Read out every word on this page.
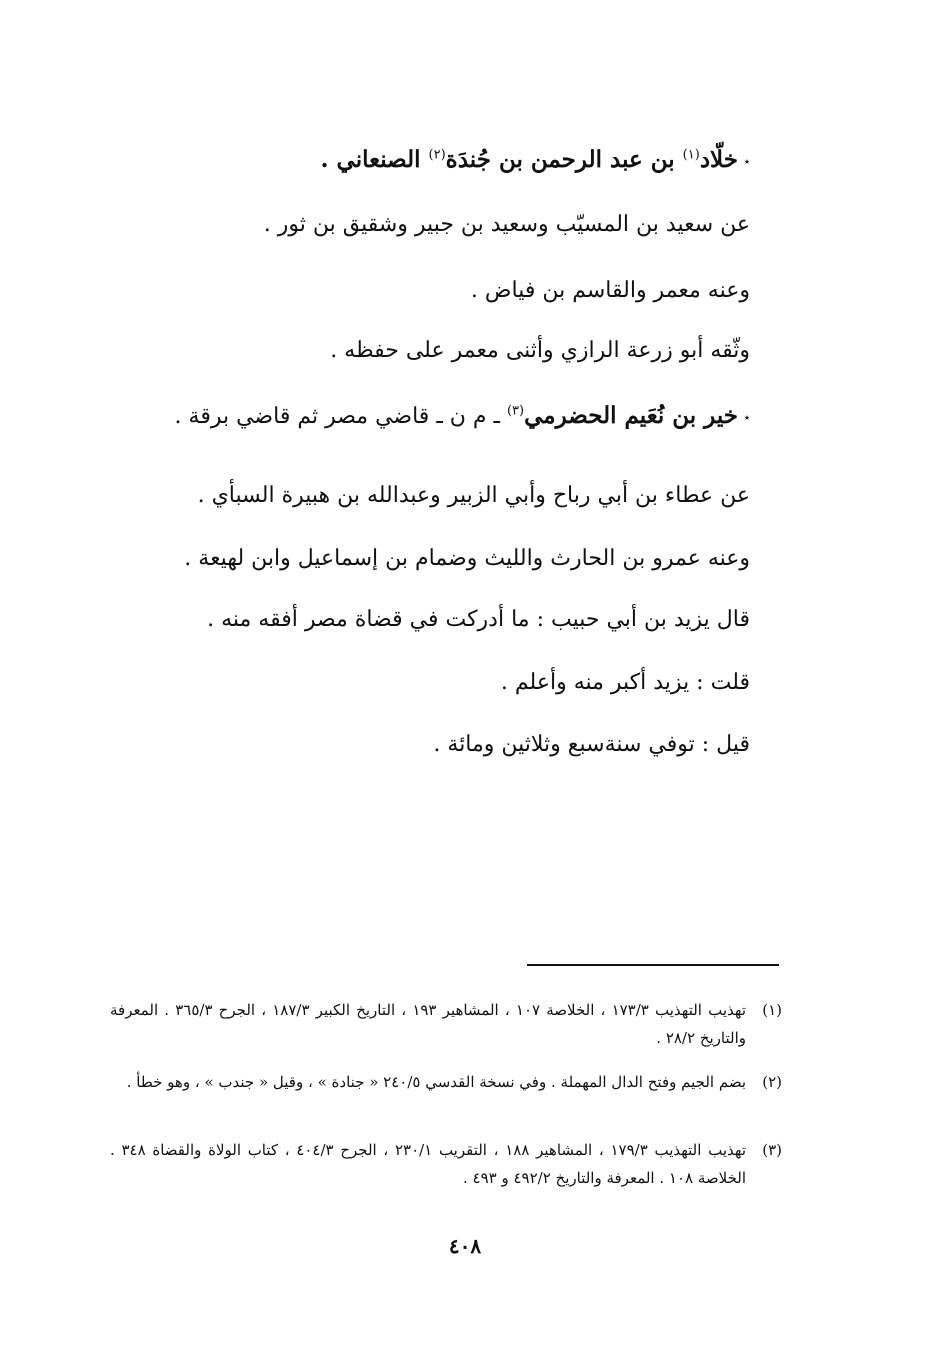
٭خلّاد$^{(١)}$ بن عبد الرحمن بن جُندَة$^{(٢)}$ الصنعاني .
عن سعيد بن المسيّب وسعيد بن جبير وشقيق بن ثور .
وعنه معمر والقاسم بن فياض .
وثّقه أبو زرعة الرازي وأثنى معمر على حفظه .
٭خير بن نُعَيم الحضرمي$^{(٣)}$ ـ م ن ـ قاضي مصر ثم قاضي برقة .
عن عطاء بن أبي رباح وأبي الزبير وعبدالله بن هبيرة السبأي .
وعنه عمرو بن الحارث والليث وضمام بن إسماعيل وابن لهيعة .
قال يزيد بن أبي حبيب : ما أدركت في قضاة مصر أفقه منه .
قلت : يزيد أكبر منه وأعلم .
قيل : توفي سنةسبع وثلاثين ومائة .
(١)
تهذيب التهذيب ١٧٣/٣ ، الخلاصة ١٠٧ ، المشاهير ١٩٣ ، التاريخ الكبير ١٨٧/٣ ، الجرح ٣٦٥/٣ . المعرفة والتاريخ ٢٨/٢ .
(٢)
بضم الجيم وفتح الدال المهملة . وفي نسخة القدسي ٢٤٠/٥ « جنادة » ، وقيل « جندب » ، وهو خطأ .
(٣)
تهذيب التهذيب ١٧٩/٣ ، المشاهير ١٨٨ ، التقريب ٢٣٠/١ ، الجرح ٤٠٤/٣ ، كتاب الولاة والقضاة ٣٤٨ . الخلاصة ١٠٨ . المعرفة والتاريخ ٤٩٢/٢ و ٤٩٣ .
٤٠٨
